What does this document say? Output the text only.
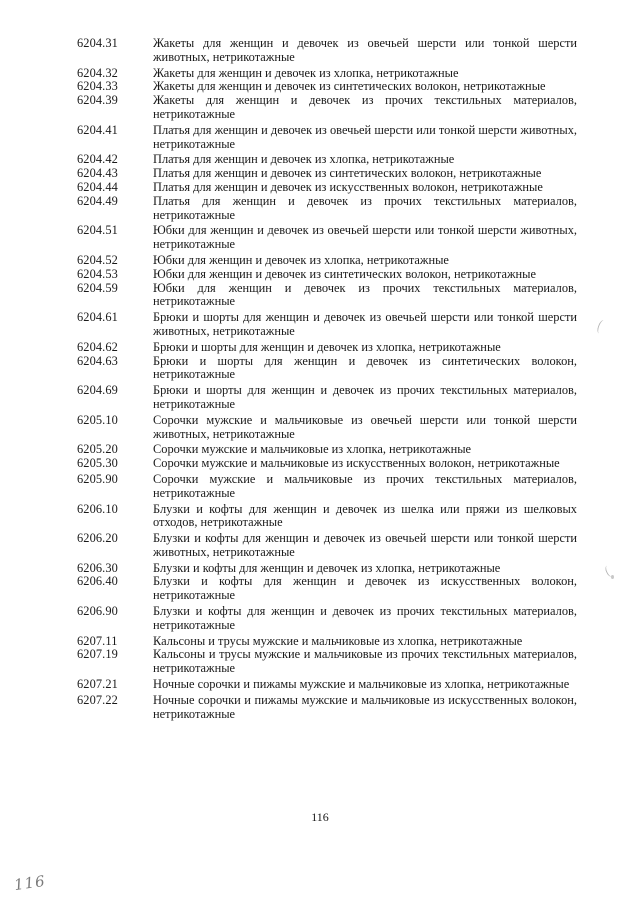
6204.31	Жакеты для женщин и девочек из овечьей шерсти или тонкой шерсти животных, нетрикотажные
6204.32	Жакеты для женщин и девочек из хлопка, нетрикотажные
6204.33	Жакеты для женщин и девочек из синтетических волокон, нетрикотажные
6204.39	Жакеты для женщин и девочек из прочих текстильных материалов, нетрикотажные
6204.41	Платья для женщин и девочек из овечьей шерсти или тонкой шерсти животных, нетрикотажные
6204.42	Платья для женщин и девочек из хлопка, нетрикотажные
6204.43	Платья для женщин и девочек из синтетических волокон, нетрикотажные
6204.44	Платья для женщин и девочек из искусственных волокон, нетрикотажные
6204.49	Платья для женщин и девочек из прочих текстильных материалов, нетрикотажные
6204.51	Юбки для женщин и девочек из овечьей шерсти или тонкой шерсти животных, нетрикотажные
6204.52	Юбки для женщин и девочек из хлопка, нетрикотажные
6204.53	Юбки для женщин и девочек из синтетических волокон, нетрикотажные
6204.59	Юбки для женщин и девочек из прочих текстильных материалов, нетрикотажные
6204.61	Брюки и шорты для женщин и девочек из овечьей шерсти или тонкой шерсти животных, нетрикотажные
6204.62	Брюки и шорты для женщин и девочек из хлопка, нетрикотажные
6204.63	Брюки и шорты для женщин и девочек из синтетических волокон, нетрикотажные
6204.69	Брюки и шорты для женщин и девочек из прочих текстильных материалов, нетрикотажные
6205.10	Сорочки мужские и мальчиковые из овечьей шерсти или тонкой шерсти животных, нетрикотажные
6205.20	Сорочки мужские и мальчиковые из хлопка, нетрикотажные
6205.30	Сорочки мужские и мальчиковые из искусственных волокон, нетрикотажные
6205.90	Сорочки мужские и мальчиковые из прочих текстильных материалов, нетрикотажные
6206.10	Блузки и кофты для женщин и девочек из шелка или пряжи из шелковых отходов, нетрикотажные
6206.20	Блузки и кофты для женщин и девочек из овечьей шерсти или тонкой шерсти животных, нетрикотажные
6206.30	Блузки и кофты для женщин и девочек из хлопка, нетрикотажные
6206.40	Блузки и кофты для женщин и девочек из искусственных волокон, нетрикотажные
6206.90	Блузки и кофты для женщин и девочек из прочих текстильных материалов, нетрикотажные
6207.11	Кальсоны и трусы мужские и мальчиковые из хлопка, нетрикотажные
6207.19	Кальсоны и трусы мужские и мальчиковые из прочих текстильных материалов, нетрикотажные
6207.21	Ночные сорочки и пижамы мужские и мальчиковые из хлопка, нетрикотажные
6207.22	Ночные сорочки и пижамы мужские и мальчиковые из искусственных волокон, нетрикотажные
116
116
